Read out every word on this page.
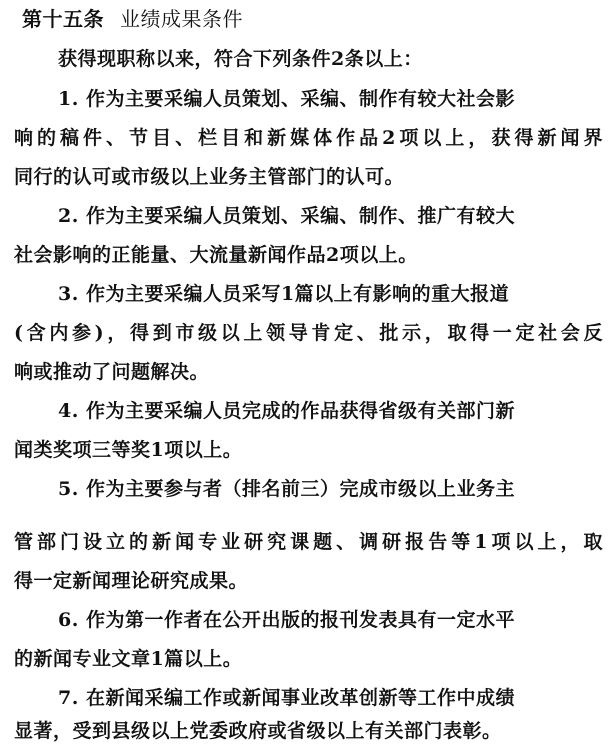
第十五条 业绩成果条件
获得现职称以来，符合下列条件2条以上：
1. 作为主要采编人员策划、采编、制作有较大社会影
响的稿件、节目、栏目和新媒体作品2项以上，获得新闻界
同行的认可或市级以上业务主管部门的认可。
2. 作为主要采编人员策划、采编、制作、推广有较大
社会影响的正能量、大流量新闻作品2项以上。
3. 作为主要采编人员采写1篇以上有影响的重大报道
(含内参)，得到市级以上领导肯定、批示，取得一定社会反
响或推动了问题解决。
4. 作为主要采编人员完成的作品获得省级有关部门新
闻类奖项三等奖1项以上。
5. 作为主要参与者（排名前三）完成市级以上业务主
管部门设立的新闻专业研究课题、调研报告等1项以上，取
得一定新闻理论研究成果。
6. 作为第一作者在公开出版的报刊发表具有一定水平
的新闻专业文章1篇以上。
7. 在新闻采编工作或新闻事业改革创新等工作中成绩
显著，受到县级以上党委政府或省级以上有关部门表彰。
